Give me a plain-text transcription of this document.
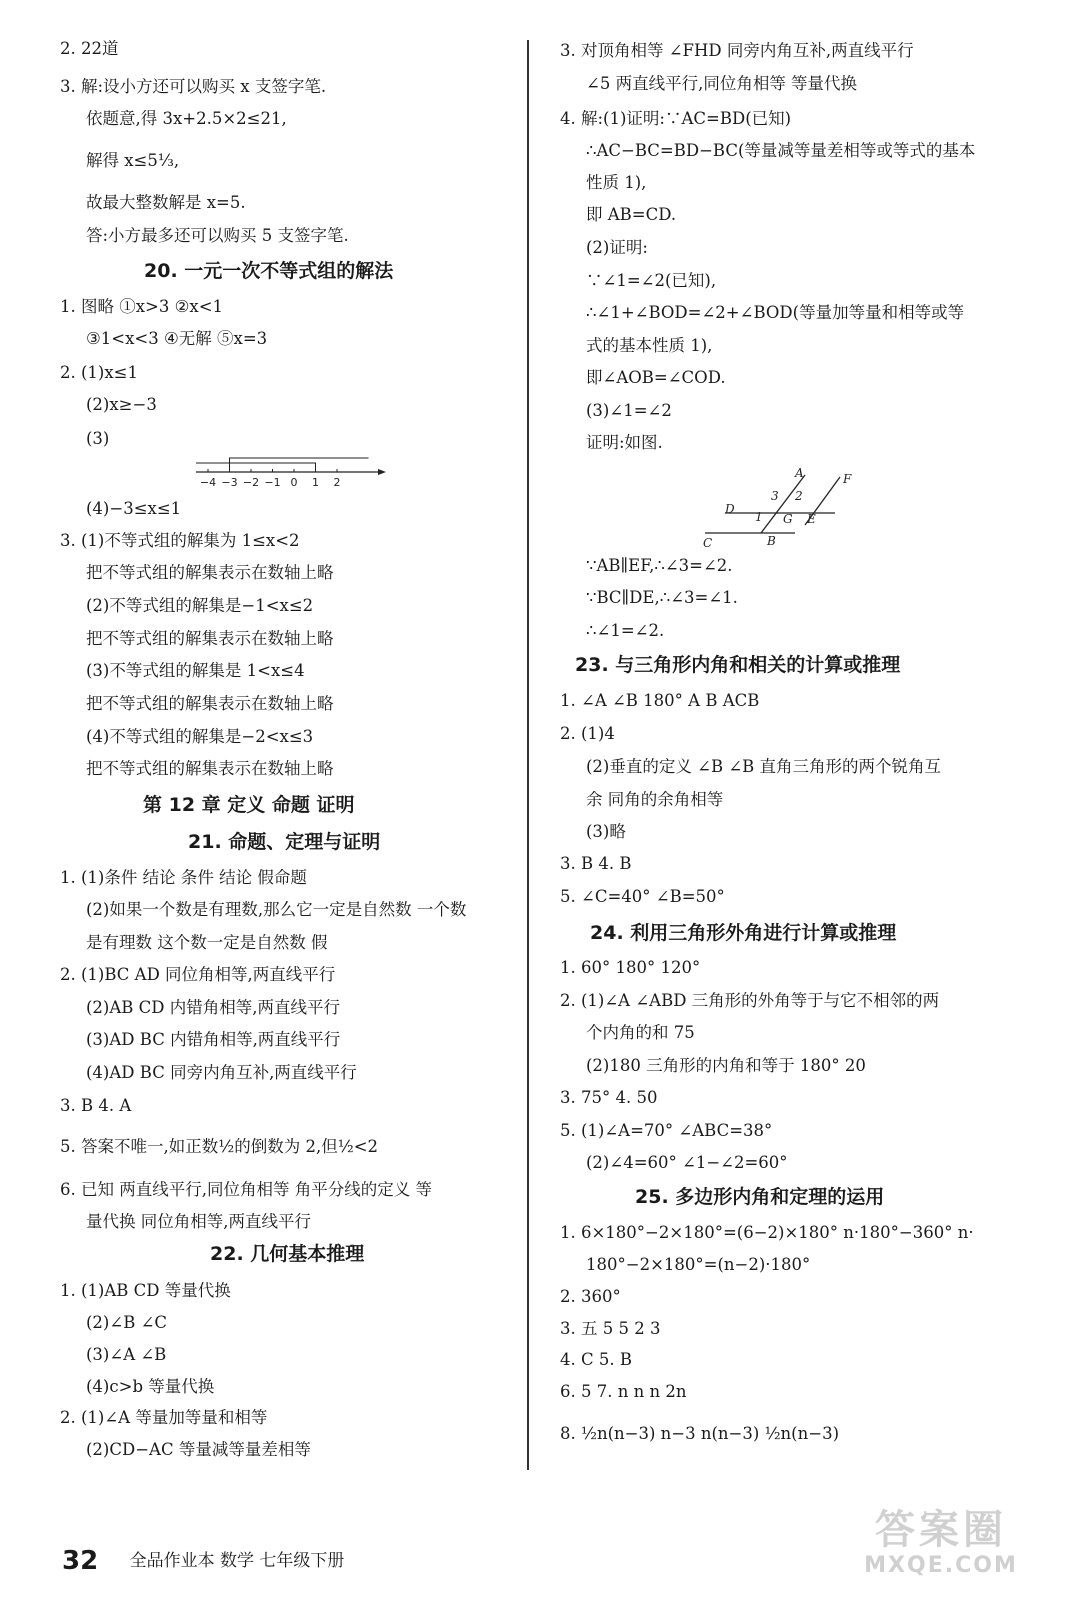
2. 22道
3. 解:设小方还可以购买 x 支签字笔.
依题意,得 3x+2.5×2≤21,
解得 x≤5⅓,
故最大整数解是 x=5.
答:小方最多还可以购买 5 支签字笔.
1. 图略 ①x>3 ②x<1
③1<x<3 ④无解 ⑤x=3
2. (1)x≤1
(2)x≥−3
(3)
(4)−3≤x≤1
3. (1)不等式组的解集为 1≤x<2
把不等式组的解集表示在数轴上略
(2)不等式组的解集是−1<x≤2
把不等式组的解集表示在数轴上略
(3)不等式组的解集是 1<x≤4
把不等式组的解集表示在数轴上略
(4)不等式组的解集是−2<x≤3
把不等式组的解集表示在数轴上略
1. (1)条件 结论 条件 结论 假命题
(2)如果一个数是有理数,那么它一定是自然数 一个数
是有理数 这个数一定是自然数 假
2. (1)BC AD 同位角相等,两直线平行
(2)AB CD 内错角相等,两直线平行
(3)AD BC 内错角相等,两直线平行
(4)AD BC 同旁内角互补,两直线平行
3. B 4. A
5. 答案不唯一,如正数½的倒数为 2,但½<2
6. 已知 两直线平行,同位角相等 角平分线的定义 等
量代换 同位角相等,两直线平行
1. (1)AB CD 等量代换
(2)∠B ∠C
(3)∠A ∠B
(4)c>b 等量代换
2. (1)∠A 等量加等量和相等
(2)CD−AC 等量减等量差相等
20. 一元一次不等式组的解法
第 12 章 定义 命题 证明
21. 命题、定理与证明
22. 几何基本推理
3. 对顶角相等 ∠FHD 同旁内角互补,两直线平行
∠5 两直线平行,同位角相等 等量代换
4. 解:(1)证明:∵AC=BD(已知)
∴AC−BC=BD−BC(等量减等量差相等或等式的基本
性质 1),
即 AB=CD.
(2)证明:
∵∠1=∠2(已知),
∴∠1+∠BOD=∠2+∠BOD(等量加等量和相等或等
式的基本性质 1),
即∠AOB=∠COD.
(3)∠1=∠2
证明:如图.
∵AB∥EF,∴∠3=∠2.
∵BC∥DE,∴∠3=∠1.
∴∠1=∠2.
1. ∠A ∠B 180° A B ACB
2. (1)4
(2)垂直的定义 ∠B ∠B 直角三角形的两个锐角互
余 同角的余角相等
(3)略
3. B 4. B
5. ∠C=40° ∠B=50°
1. 60° 180° 120°
2. (1)∠A ∠ABD 三角形的外角等于与它不相邻的两
个内角的和 75
(2)180 三角形的内角和等于 180° 20
3. 75° 4. 50
5. (1)∠A=70° ∠ABC=38°
(2)∠4=60° ∠1−∠2=60°
1. 6×180°−2×180°=(6−2)×180° n·180°−360° n·
180°−2×180°=(n−2)·180°
2. 360°
3. 五 5 5 2 3
4. C 5. B
6. 5 7. n n n 2n
8. ½n(n−3) n−3 n(n−3) ½n(n−3)
23. 与三角形内角和相关的计算或推理
24. 利用三角形外角进行计算或推理
25. 多边形内角和定理的运用
−4 −3 −2 −1 0 1 2
A	F
D
3 2
1 G E
C	B
32 全品作业本 数学 七年级下册
答案圈
MXQE.COM
